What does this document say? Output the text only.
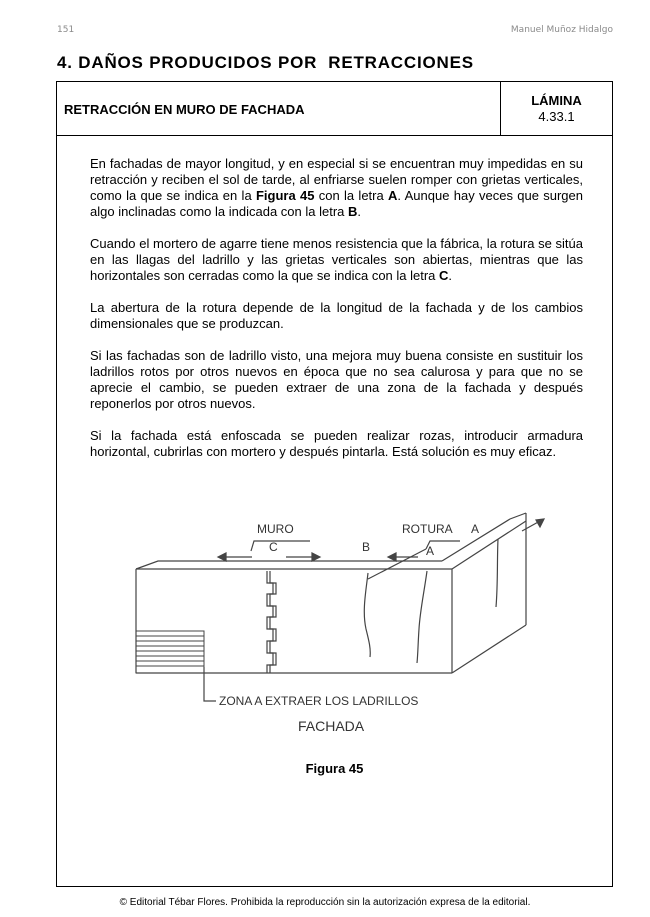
151	Manuel Muñoz Hidalgo
4. DAÑOS PRODUCIDOS POR  RETRACCIONES
RETRACCIÓN EN MURO DE FACHADA
LÁMINA
4.33.1

En fachadas de mayor longitud, y en especial si se encuentran muy impedidas en su retracción y reciben el sol de tarde, al enfriarse suelen romper con grietas verticales, como la que se indica en la Figura 45 con la letra A. Aunque hay veces que surgen algo inclinadas como la indicada con la letra B.

Cuando el mortero de agarre tiene menos resistencia que la fábrica, la rotura se sitúa en las llagas del ladrillo y las grietas verticales son abiertas, mientras que las horizontales son cerradas como la que se indica con la letra C.

La abertura de la rotura depende de la longitud de la fachada y de los cambios dimensionales que se produzcan.

Si las fachadas son de ladrillo visto, una mejora muy buena consiste en sustituir los ladrillos rotos por otros nuevos en época que no sea calurosa y para que no se aprecie el cambio, se pueden extraer de una zona de la fachada y después reponerlos por otros nuevos.

Si la fachada está enfoscada se pueden realizar rozas, introducir armadura horizontal, cubrirlas con mortero y después pintarla. Está solución es muy eficaz.

MURO
C
ROTURA A
B	A
ZONA A EXTRAER LOS LADRILLOS
FACHADA
Figura 45
© Editorial Tébar Flores. Prohibida la reproducción sin la autorización expresa de la editorial.
